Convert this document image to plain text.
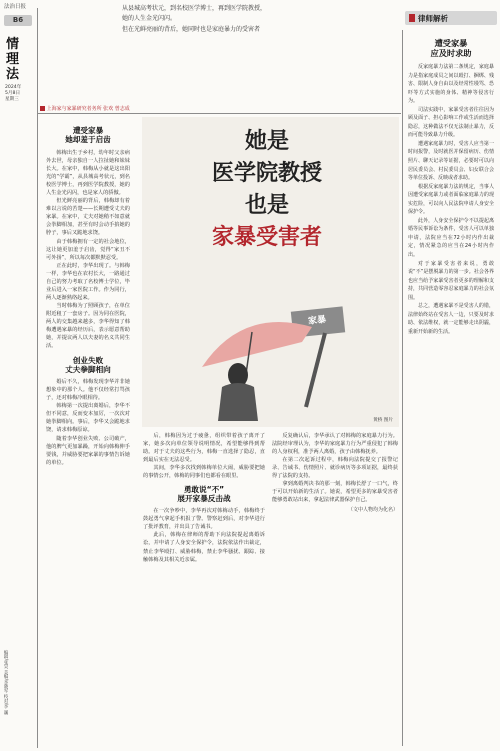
法治日报
B6
情
理
法
2024年
5月8日
星期三
编辑/张昊 美编/李晓军 校对/李 巍
从县城高考状元，到名校医学博士，再到医学院教授，
她的人生金光闪闪。
但在光鲜亮丽的背后，她同时也是家庭暴力的受害者
律师解析
上海家与家暴研究者务所 张欢 曾志成
遭受家暴
她却羞于启齿

韩梅出生于乡村，幼年时父亲病外去世，母亲独自一人拉扯她和妹妹长大。在家中，韩梅从小就是这出阳光的“学霸”，从县城高考状元，到名校医学博士，再到医学院教授，她的人生金光闪闪，也是家人的骄傲。

但光鲜亮丽的背后，韩梅却有着难以言说的苦楚——长期遭受丈夫的家暴。在家中，丈夫对她稍不如意就会拳脚相加，甚至有时会动手掐她的脖子，事后又跪地求饶。

由于韩梅拥有一定的社会地位，这让她更加羞于启齿，觉得“家丑不可外扬”，所以每次都默默忍受。

正在此时，李华出现了。与韩梅一样，李华也在农村长大，一路通过自己的努力考取了名校博士学位，毕业后进入一家医院工作。作为同行，两人逐渐熟络起来。

当时韩梅为了照顾孩子，在单位附近租了一套房子。因为同在医院，两人的交集越来越多，李华得知了韩梅遭遇家暴的经历后，表示愿意帮助她，并提议两人以夫妻的名义共同生活。

创业失败
丈夫拳脚相向

婚后不久，韩梅发现李华并非她想象中的那个人。他不仅经常打骂孩子，还对韩梅冷眼相待。

韩梅第一次提出离婚后，李华不但不同意，反而变本加厉，一次次对她拳脚相向。事后，李华又会跪地求饶，请求韩梅原谅。

随着李华创业失败、公司破产，他的脾气更加暴躁，开始向韩梅伸手要钱，并威胁要把家暴的事情告诉她的单位。

她是
医学院教授
也是
家暴受害者
家暴
黄桥 图片

后，韩梅因为过于疲惫，组织带着孩子离开了家，她多次向单位领导说明情况，希望能够得到帮助。对于丈夫的这些行为，韩梅一直选择了隐忍，直到最后实在无法忍受。

其间，李华多次找到韩梅单位大闹，威胁要把她的事情公开，韩梅的同事们也都看在眼里。

勇敢说“不”
展开家暴反击战

在一次争吵中，李华再次对韩梅动手，韩梅终于鼓起勇气拿起手机报了警。警察赶到后，对李华进行了批评教育，并出具了告诫书。

此后，韩梅在律师的帮助下向法院提起离婚诉讼，并申请了人身安全保护令，法院依法作出裁定，禁止李华殴打、威胁韩梅，禁止李华骚扰、跟踪、接触韩梅及其相关近亲属。

反复确认后，李华承认了对韩梅的家庭暴力行为。法院经审理认为，李华的家庭暴力行为严重侵犯了韩梅的人身权利，准予两人离婚，孩子由韩梅抚养。

在第二次起诉过程中，韩梅向法院提交了报警记录、告诫书、伤情照片、就诊病历等多项证据，最终获得了法院的支持。

拿到离婚判决书的那一刻，韩梅长舒了一口气，终于可以开始新的生活了。她说，希望更多的家暴受害者能够勇敢站出来，拿起法律武器保护自己。

（文中人物均为化名）
遭受家暴
应及时求助

反家庭暴力法第二条规定，家庭暴力是指家庭成员之间以殴打、捆绑、残害、限制人身自由以及经常性谩骂、恐吓等方式实施的身体、精神等侵害行为。

司法实践中，家暴受害者往往因为顾及面子、担心影响工作或生活而选择隐忍，这种做法不仅无法制止暴力，反而可能导致暴力升级。

遭遇家庭暴力时，受害人应当第一时间报警，及时就医并保留病历、伤情照片、聊天记录等证据，必要时可以向居民委员会、村民委员会、妇女联合会等单位投诉、反映或者求助。

根据反家庭暴力法的规定，当事人因遭受家庭暴力或者面临家庭暴力的现实危险，可以向人民法院申请人身安全保护令。

此外，人身安全保护令不以提起离婚等民事诉讼为条件，受害人可以单独申请，法院应当在72小时内作出裁定，情况紧急的应当在24小时内作出。

对于家暴受害者来说，勇敢说“不”是摆脱暴力的第一步。社会各界也应当给予家暴受害者更多的理解和支持，共同营造零容忍家庭暴力的社会氛围。

总之，遭遇家暴不是受害人的错，法律始终站在受害人一边，只要及时求助、依法维权，就一定能够走出阴霾，重新开始新的生活。
